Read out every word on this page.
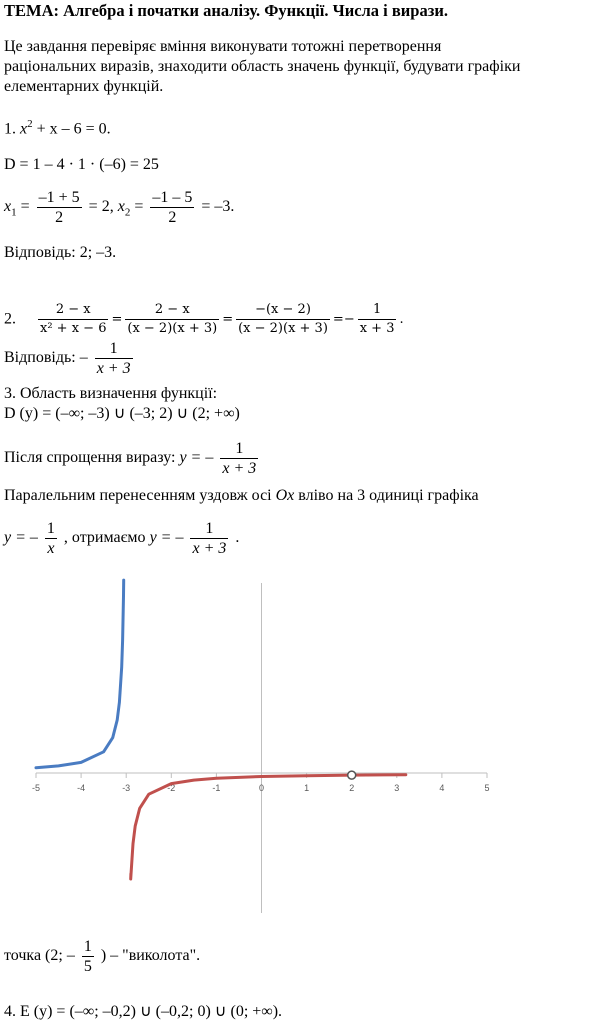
ТЕМА: Алгебра і початки аналізу. Функції. Числа і вирази.
Це завдання перевіряє вміння виконувати тотожні перетворення
раціональних виразів, знаходити область значень функції, будувати графіки
елементарних функцій.
1. $x^2 + x - 6 = 0$.
D = 1 – 4 · 1 · (–6) = 25
$x_1 = \frac{-1 + 5}{2} = 2$, $x_2 = \frac{-1 - 5}{2} = -3$.
Відповідь: 2; –3.
2. $\frac{2 - x}{\text{x² + x − 6}} = \frac{2 - x}{(x - 2)(x + 3)} = \frac{-(x - 2)}{(x - 2)(x + 3)} =- \frac{1}{x + 3}$ .
Відповідь: – $\frac{1}{x + 3}$
3. Область визначення функції:
D (y) = (–∞; –3) ∪ (–3; 2) ∪ (2; +∞)
Після спрощення виразу: y = – $\frac{1}{x + 3}$
Паралельним перенесенням уздовж осі Ox вліво на 3 одиниці графіка
y = – $\frac{1}{x}$ , отримаємо y = – $\frac{1}{x + 3}$ .
-5	-4	-3	-2	-1	0	1	2	3	4	5
точка (2; – $\frac{1}{5}$ ) – "виколота".
4. E (y) = (–∞; –0,2) ∪ (–0,2; 0) ∪ (0; +∞).
